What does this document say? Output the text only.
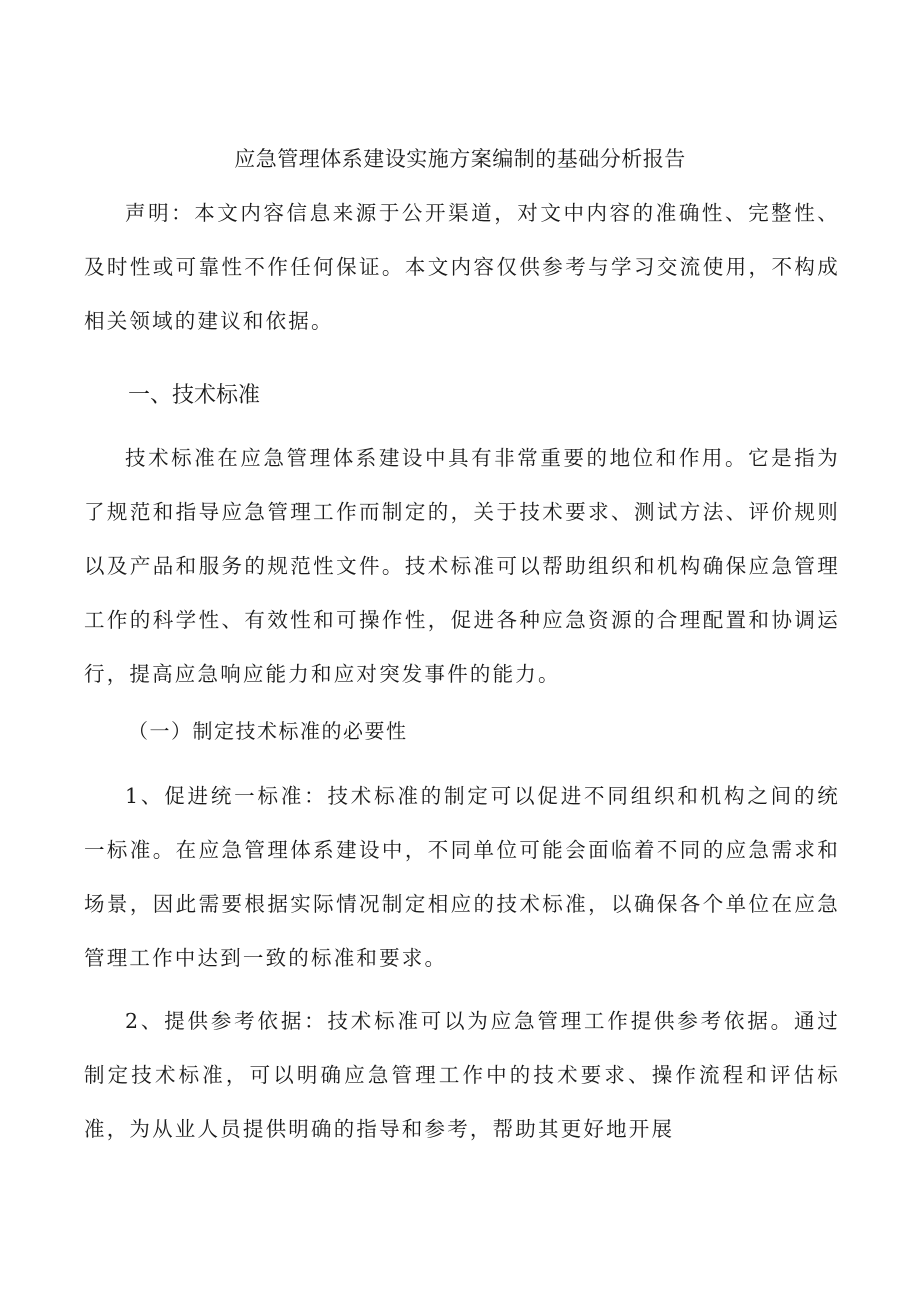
应急管理体系建设实施方案编制的基础分析报告

声明：本文内容信息来源于公开渠道，对文中内容的准确性、完整性、及时性或可靠性不作任何保证。本文内容仅供参考与学习交流使用，不构成相关领域的建议和依据。

一、技术标准

技术标准在应急管理体系建设中具有非常重要的地位和作用。它是指为了规范和指导应急管理工作而制定的，关于技术要求、测试方法、评价规则以及产品和服务的规范性文件。技术标准可以帮助组织和机构确保应急管理工作的科学性、有效性和可操作性，促进各种应急资源的合理配置和协调运行，提高应急响应能力和应对突发事件的能力。

（一）制定技术标准的必要性

1、促进统一标准：技术标准的制定可以促进不同组织和机构之间的统一标准。在应急管理体系建设中，不同单位可能会面临着不同的应急需求和场景，因此需要根据实际情况制定相应的技术标准，以确保各个单位在应急管理工作中达到一致的标准和要求。

2、提供参考依据：技术标准可以为应急管理工作提供参考依据。通过制定技术标准，可以明确应急管理工作中的技术要求、操作流程和评估标准，为从业人员提供明确的指导和参考，帮助其更好地开展
